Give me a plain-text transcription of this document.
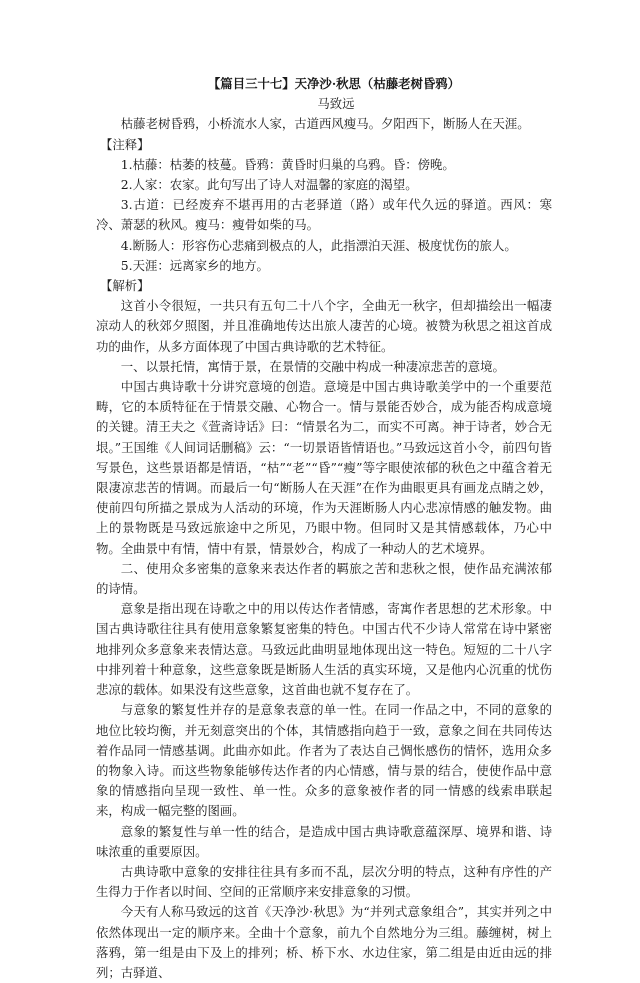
【篇目三十七】天净沙·秋思（枯藤老树昏鸦）

马致远

枯藤老树昏鸦，小桥流水人家，古道西风瘦马。夕阳西下，断肠人在天涯。

【注释】

1.枯藤：枯萎的枝蔓。昏鸦：黄昏时归巢的乌鸦。昏：傍晚。

2.人家：农家。此句写出了诗人对温馨的家庭的渴望。

3.古道：已经废弃不堪再用的古老驿道（路）或年代久远的驿道。西风：寒冷、萧瑟的秋风。瘦马：瘦骨如柴的马。

4.断肠人：形容伤心悲痛到极点的人，此指漂泊天涯、极度忧伤的旅人。

5.天涯：远离家乡的地方。

【解析】

这首小令很短，一共只有五句二十八个字，全曲无一秋字，但却描绘出一幅凄凉动人的秋郊夕照图，并且准确地传达出旅人凄苦的心境。被赞为秋思之祖这首成功的曲作，从多方面体现了中国古典诗歌的艺术特征。

一、以景托情，寓情于景，在景情的交融中构成一种凄凉悲苦的意境。

中国古典诗歌十分讲究意境的创造。意境是中国古典诗歌美学中的一个重要范畴，它的本质特征在于情景交融、心物合一。情与景能否妙合，成为能否构成意境的关键。清王夫之《萱斋诗话》曰：“情景名为二，而实不可离。神于诗者，妙合无垠。”王国维《人间词话删稿》云：“一切景语皆情语也。”马致远这首小令，前四句皆写景色，这些景语都是情语，“枯”“老”“昏”“瘦”等字眼使浓郁的秋色之中蕴含着无限凄凉悲苦的情调。而最后一句“断肠人在天涯”在作为曲眼更具有画龙点睛之妙，使前四句所描之景成为人活动的环境，作为天涯断肠人内心悲凉情感的触发物。曲上的景物既是马致远旅途中之所见，乃眼中物。但同时又是其情感载体，乃心中物。全曲景中有情，情中有景，情景妙合，构成了一种动人的艺术境界。

二、使用众多密集的意象来表达作者的羁旅之苦和悲秋之恨，使作品充满浓郁的诗情。

意象是指出现在诗歌之中的用以传达作者情感，寄寓作者思想的艺术形象。中国古典诗歌往往具有使用意象繁复密集的特色。中国古代不少诗人常常在诗中紧密地排列众多意象来表情达意。马致远此曲明显地体现出这一特色。短短的二十八字中排列着十种意象，这些意象既是断肠人生活的真实环境，又是他内心沉重的忧伤悲凉的载体。如果没有这些意象，这首曲也就不复存在了。

与意象的繁复性并存的是意象表意的单一性。在同一作品之中，不同的意象的地位比较均衡，并无刻意突出的个体，其情感指向趋于一致，意象之间在共同传达着作品同一情感基调。此曲亦如此。作者为了表达自己惆怅感伤的情怀，选用众多的物象入诗。而这些物象能够传达作者的内心情感，情与景的结合，使使作品中意象的情感指向呈现一致性、单一性。众多的意象被作者的同一情感的线索串联起来，构成一幅完整的图画。

意象的繁复性与单一性的结合，是造成中国古典诗歌意蕴深厚、境界和谐、诗味浓重的重要原因。

古典诗歌中意象的安排往往具有多而不乱，层次分明的特点，这种有序性的产生得力于作者以时间、空间的正常顺序来安排意象的习惯。

今天有人称马致远的这首《天净沙·秋思》为“并列式意象组合”，其实并列之中依然体现出一定的顺序来。全曲十个意象，前九个自然地分为三组。藤缠树，树上落鸦，第一组是由下及上的排列；桥、桥下水、水边住家，第二组是由近由远的排列；古驿道、
